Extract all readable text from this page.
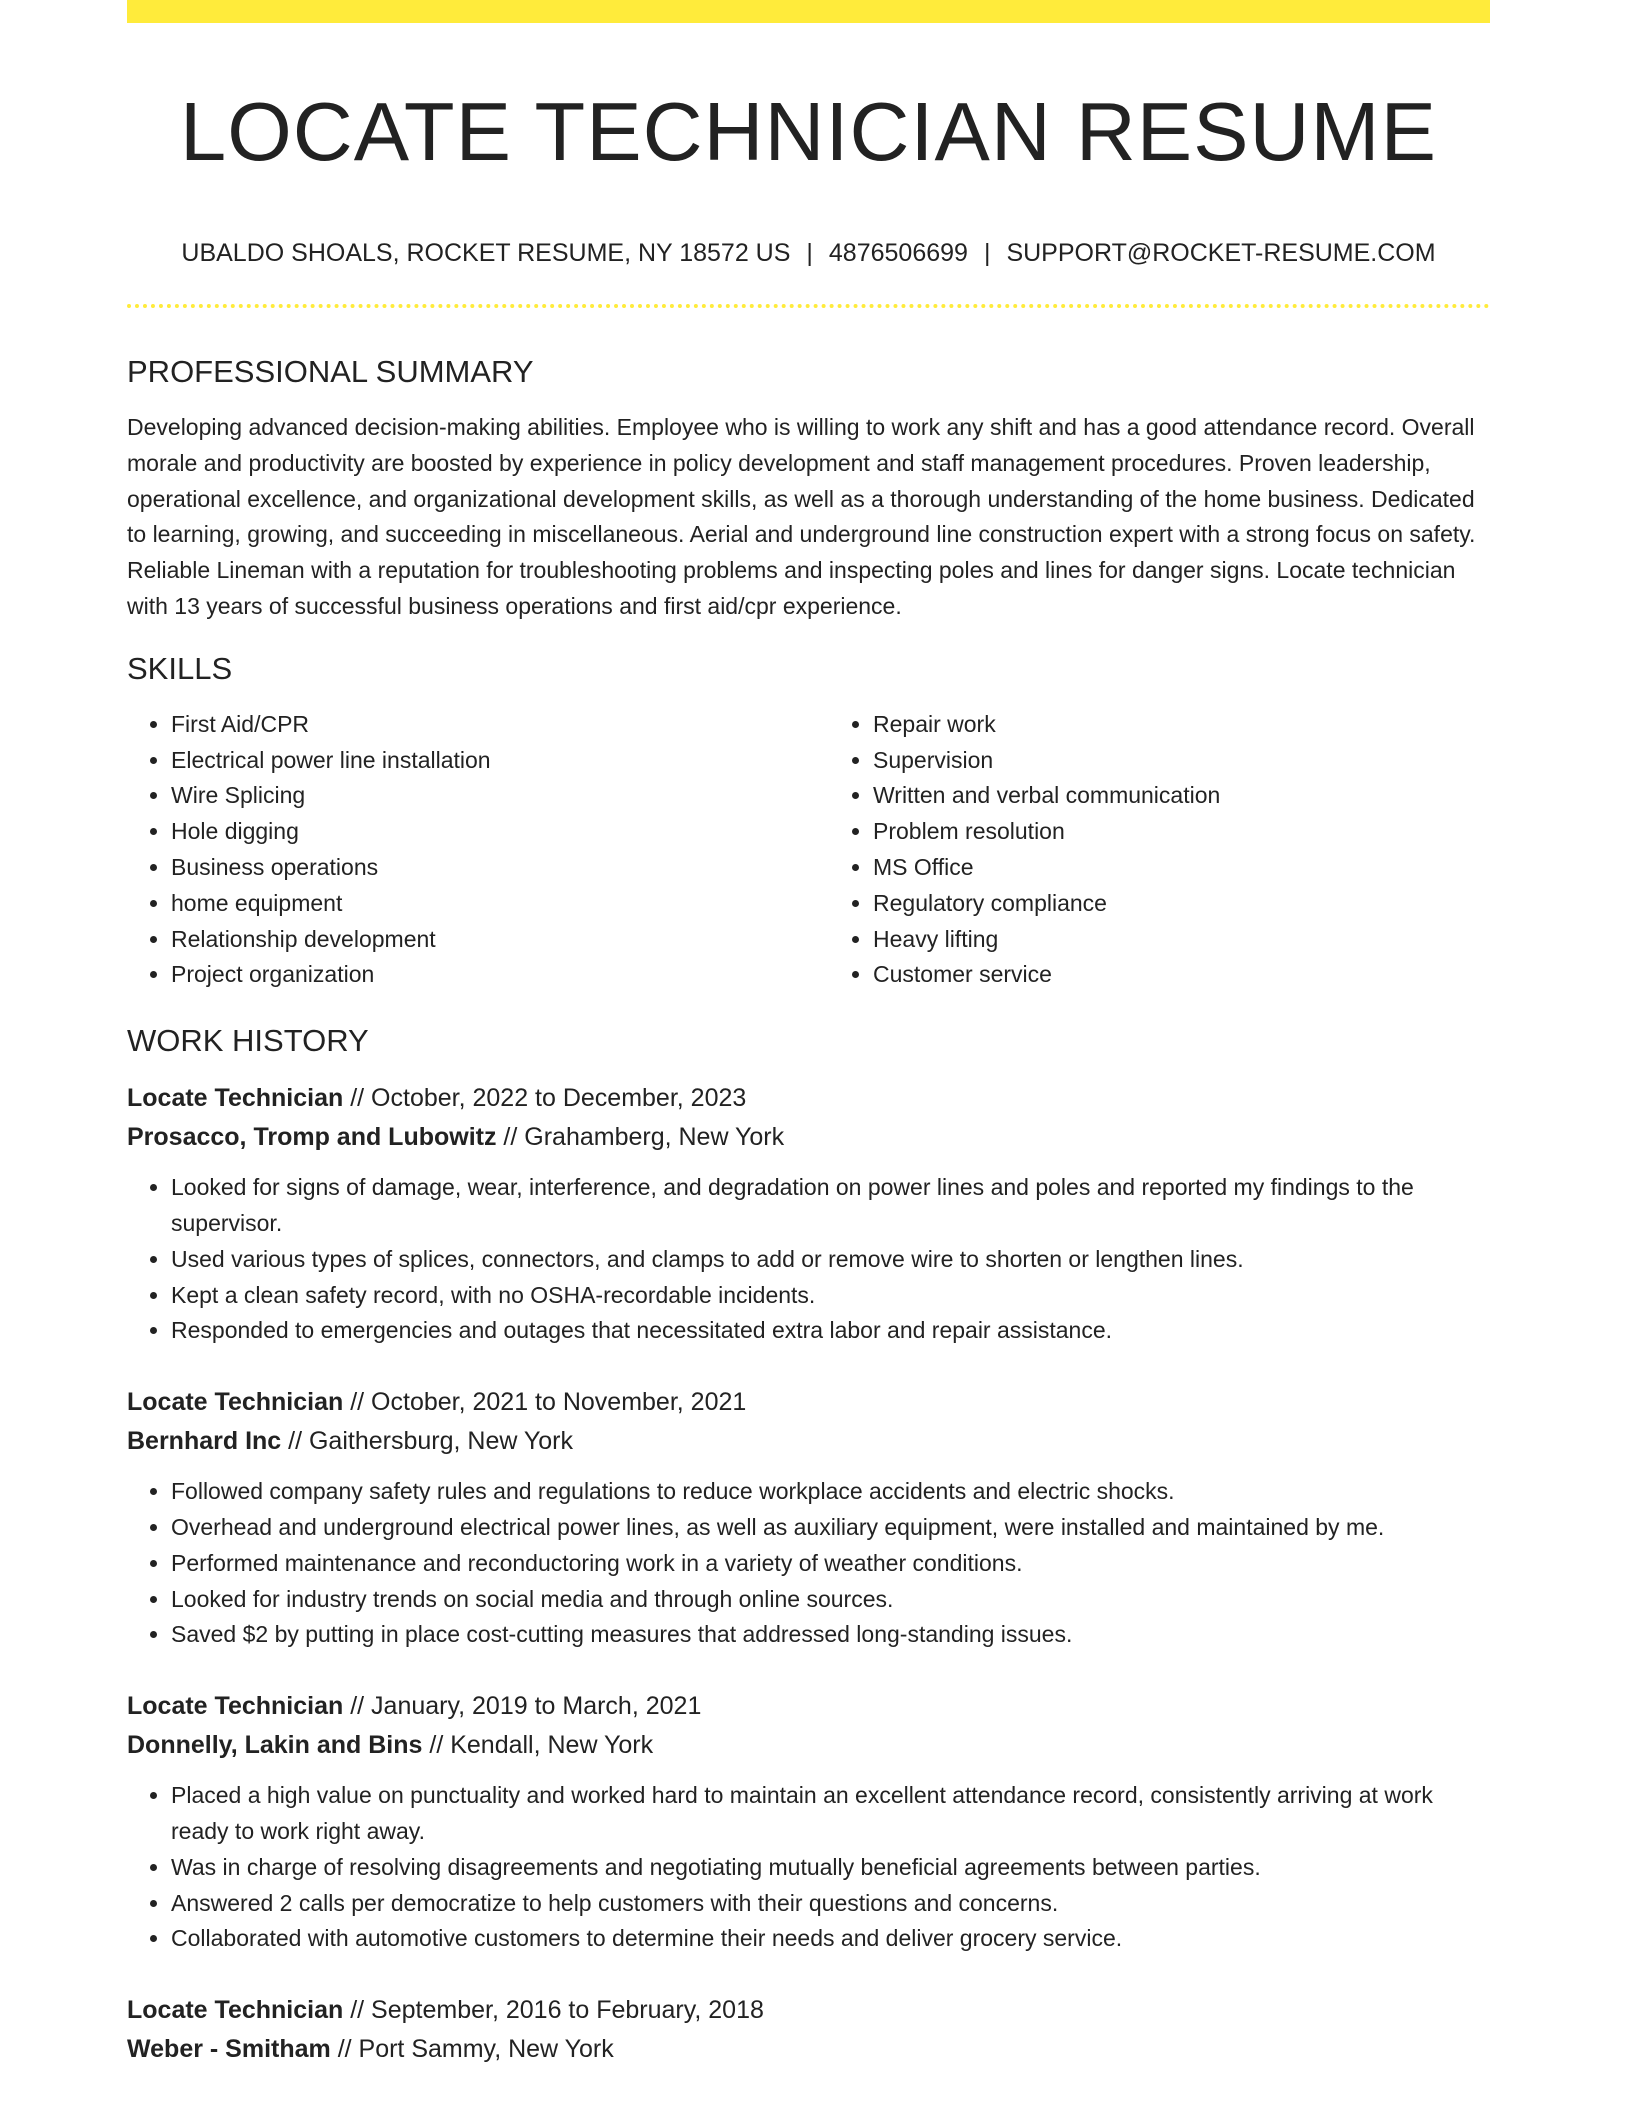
LOCATE TECHNICIAN RESUME
UBALDO SHOALS, ROCKET RESUME, NY 18572 US | 4876506699 | SUPPORT@ROCKET-RESUME.COM
PROFESSIONAL SUMMARY

Developing advanced decision-making abilities. Employee who is willing to work any shift and has a good attendance record. Overall morale and productivity are boosted by experience in policy development and staff management procedures. Proven leadership, operational excellence, and organizational development skills, as well as a thorough understanding of the home business. Dedicated to learning, growing, and succeeding in miscellaneous. Aerial and underground line construction expert with a strong focus on safety. Reliable Lineman with a reputation for troubleshooting problems and inspecting poles and lines for danger signs. Locate technician with 13 years of successful business operations and first aid/cpr experience.

SKILLS
• First Aid/CPR
• Electrical power line installation
• Wire Splicing
• Hole digging
• Business operations
• home equipment
• Relationship development
• Project organization
• Repair work
• Supervision
• Written and verbal communication
• Problem resolution
• MS Office
• Regulatory compliance
• Heavy lifting
• Customer service
WORK HISTORY
Locate Technician // October, 2022 to December, 2023
Prosacco, Tromp and Lubowitz // Grahamberg, New York
• Looked for signs of damage, wear, interference, and degradation on power lines and poles and reported my findings to the supervisor.
• Used various types of splices, connectors, and clamps to add or remove wire to shorten or lengthen lines.
• Kept a clean safety record, with no OSHA-recordable incidents.
• Responded to emergencies and outages that necessitated extra labor and repair assistance.
Locate Technician // October, 2021 to November, 2021
Bernhard Inc // Gaithersburg, New York
• Followed company safety rules and regulations to reduce workplace accidents and electric shocks.
• Overhead and underground electrical power lines, as well as auxiliary equipment, were installed and maintained by me.
• Performed maintenance and reconductoring work in a variety of weather conditions.
• Looked for industry trends on social media and through online sources.
• Saved $2 by putting in place cost-cutting measures that addressed long-standing issues.
Locate Technician // January, 2019 to March, 2021
Donnelly, Lakin and Bins // Kendall, New York
• Placed a high value on punctuality and worked hard to maintain an excellent attendance record, consistently arriving at work ready to work right away.
• Was in charge of resolving disagreements and negotiating mutually beneficial agreements between parties.
• Answered 2 calls per democratize to help customers with their questions and concerns.
• Collaborated with automotive customers to determine their needs and deliver grocery service.
Locate Technician // September, 2016 to February, 2018
Weber - Smitham // Port Sammy, New York
